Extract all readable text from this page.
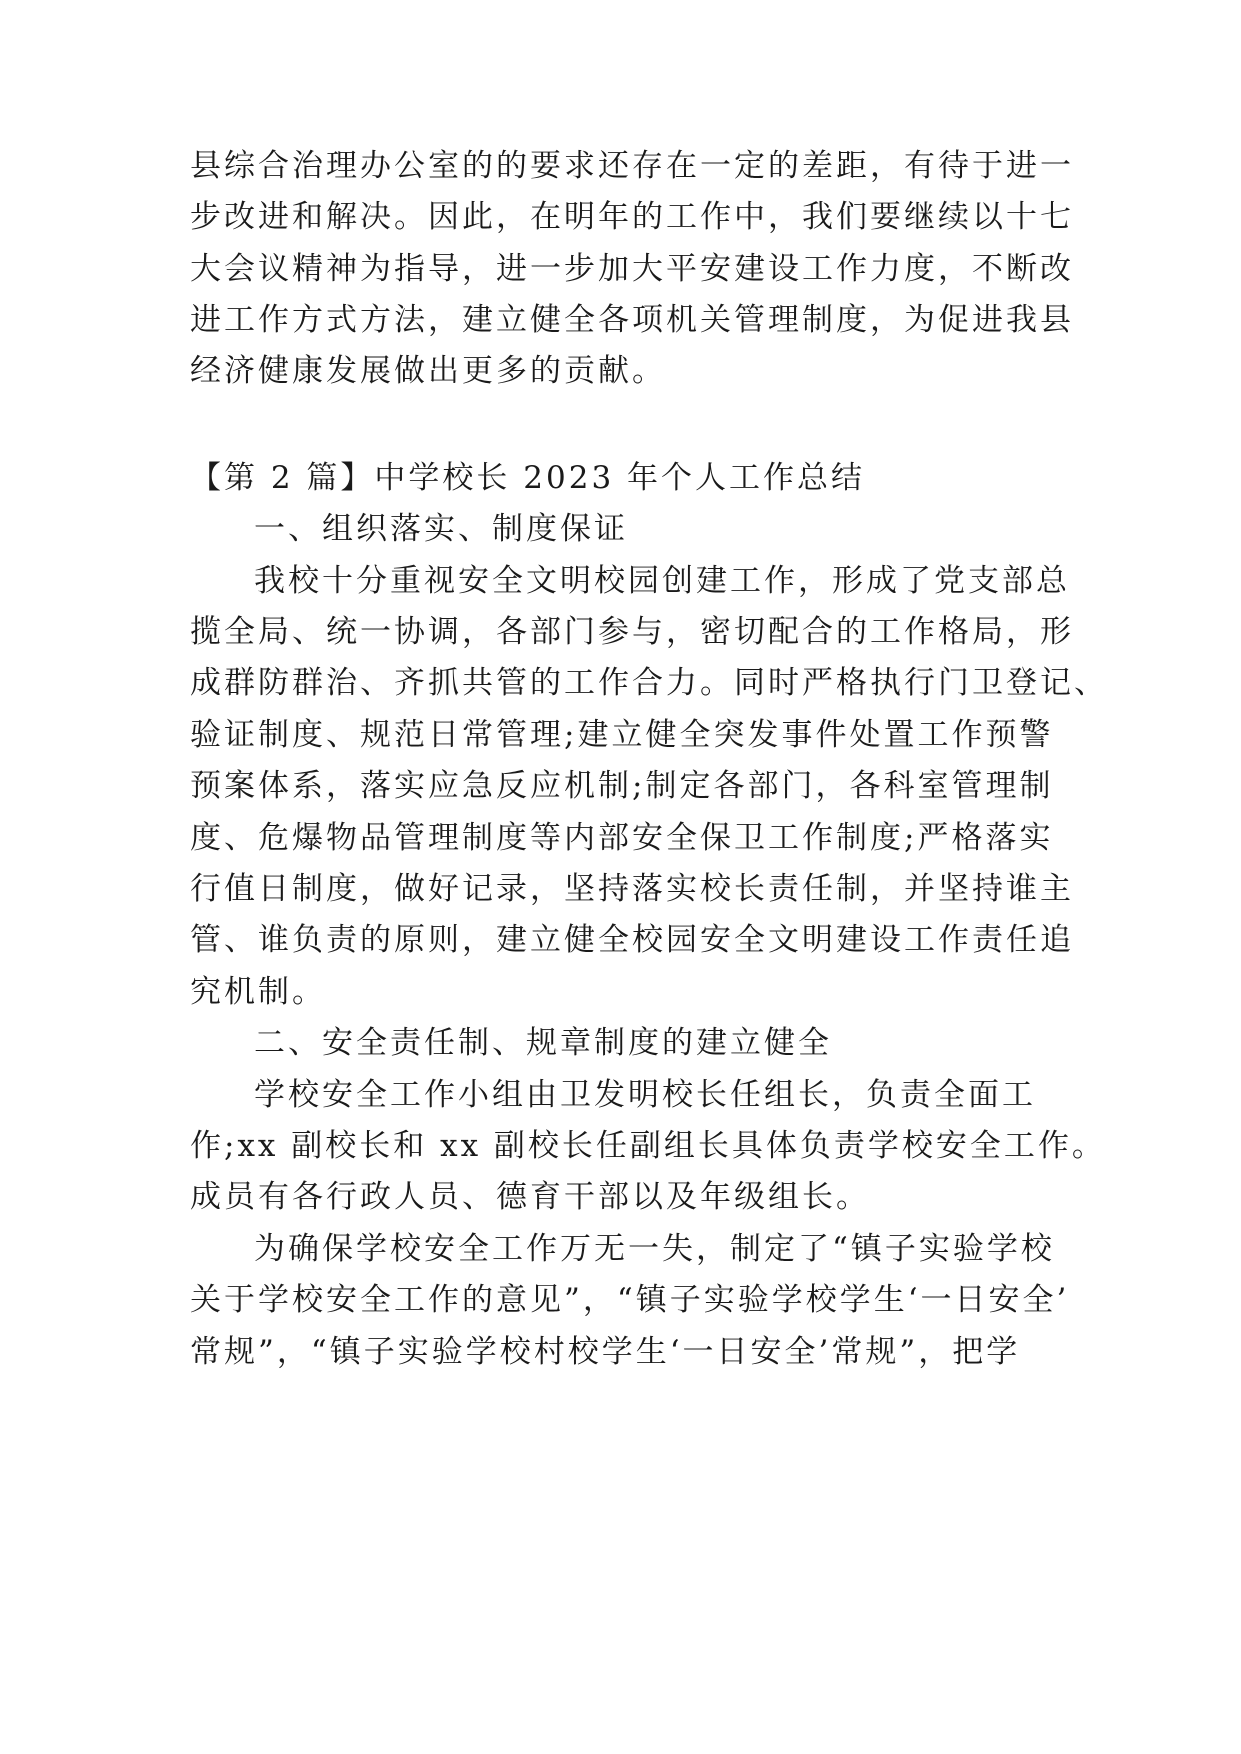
县综合治理办公室的的要求还存在一定的差距，有待于进一
步改进和解决。因此，在明年的工作中，我们要继续以十七
大会议精神为指导，进一步加大平安建设工作力度，不断改
进工作方式方法，建立健全各项机关管理制度，为促进我县
经济健康发展做出更多的贡献。
【第 2 篇】中学校长 2023 年个人工作总结
一、组织落实、制度保证
我校十分重视安全文明校园创建工作，形成了党支部总
揽全局、统一协调，各部门参与，密切配合的工作格局，形
成群防群治、齐抓共管的工作合力。同时严格执行门卫登记、
验证制度、规范日常管理;建立健全突发事件处置工作预警
预案体系，落实应急反应机制;制定各部门，各科室管理制
度、危爆物品管理制度等内部安全保卫工作制度;严格落实
行值日制度，做好记录，坚持落实校长责任制，并坚持谁主
管、谁负责的原则，建立健全校园安全文明建设工作责任追
究机制。
二、安全责任制、规章制度的建立健全
学校安全工作小组由卫发明校长任组长，负责全面工
作;xx 副校长和 xx 副校长任副组长具体负责学校安全工作。
成员有各行政人员、德育干部以及年级组长。
为确保学校安全工作万无一失，制定了“镇子实验学校
关于学校安全工作的意见”，“镇子实验学校学生‘一日安全’
常规”，“镇子实验学校村校学生‘一日安全’常规”，把学
